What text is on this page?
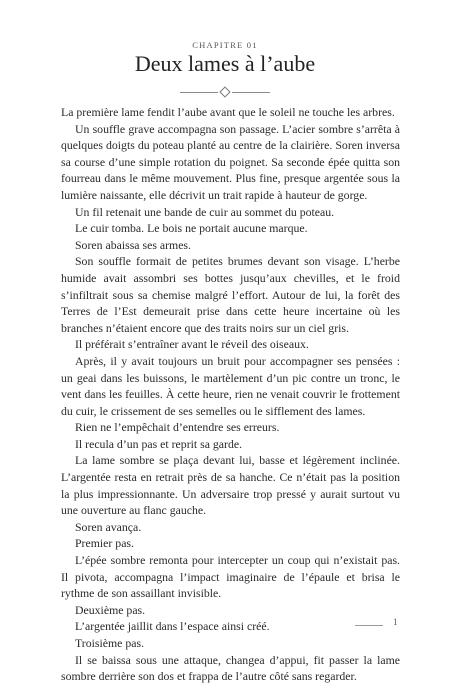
CHAPITRE 01
Deux lames à l’aube

La première lame fendit l’aube avant que le soleil ne touche les arbres.

Un souffle grave accompagna son passage. L’acier sombre s’arrêta à quelques doigts du poteau planté au centre de la clairière. Soren inversa sa course d’une simple rotation du poignet. Sa seconde épée quitta son fourreau dans le même mouvement. Plus fine, presque argentée sous la lumière naissante, elle décrivit un trait rapide à hauteur de gorge.

Un fil retenait une bande de cuir au sommet du poteau.

Le cuir tomba. Le bois ne portait aucune marque.

Soren abaissa ses armes.

Son souffle formait de petites brumes devant son visage. L’herbe humide avait assombri ses bottes jusqu’aux chevilles, et le froid s’infiltrait sous sa chemise malgré l’effort. Autour de lui, la forêt des Terres de l’Est demeurait prise dans cette heure incertaine où les branches n’étaient encore que des traits noirs sur un ciel gris.

Il préférait s’entraîner avant le réveil des oiseaux.

Après, il y avait toujours un bruit pour accompagner ses pensées : un geai dans les buissons, le martèlement d’un pic contre un tronc, le vent dans les feuilles. À cette heure, rien ne venait couvrir le frottement du cuir, le crissement de ses semelles ou le sifflement des lames.

Rien ne l’empêchait d’entendre ses erreurs.

Il recula d’un pas et reprit sa garde.

La lame sombre se plaça devant lui, basse et légèrement inclinée. L’argentée resta en retrait près de sa hanche. Ce n’était pas la position la plus impressionnante. Un adversaire trop pressé y aurait surtout vu une ouverture au flanc gauche.

Soren avança.

Premier pas.

L’épée sombre remonta pour intercepter un coup qui n’existait pas. Il pivota, accompagna l’impact imaginaire de l’épaule et brisa le rythme de son assaillant invisible.

Deuxième pas.

L’argentée jaillit dans l’espace ainsi créé.

Troisième pas.

Il se baissa sous une attaque, changea d’appui, fit passer la lame sombre derrière son dos et frappa de l’autre côté sans regarder.

1
